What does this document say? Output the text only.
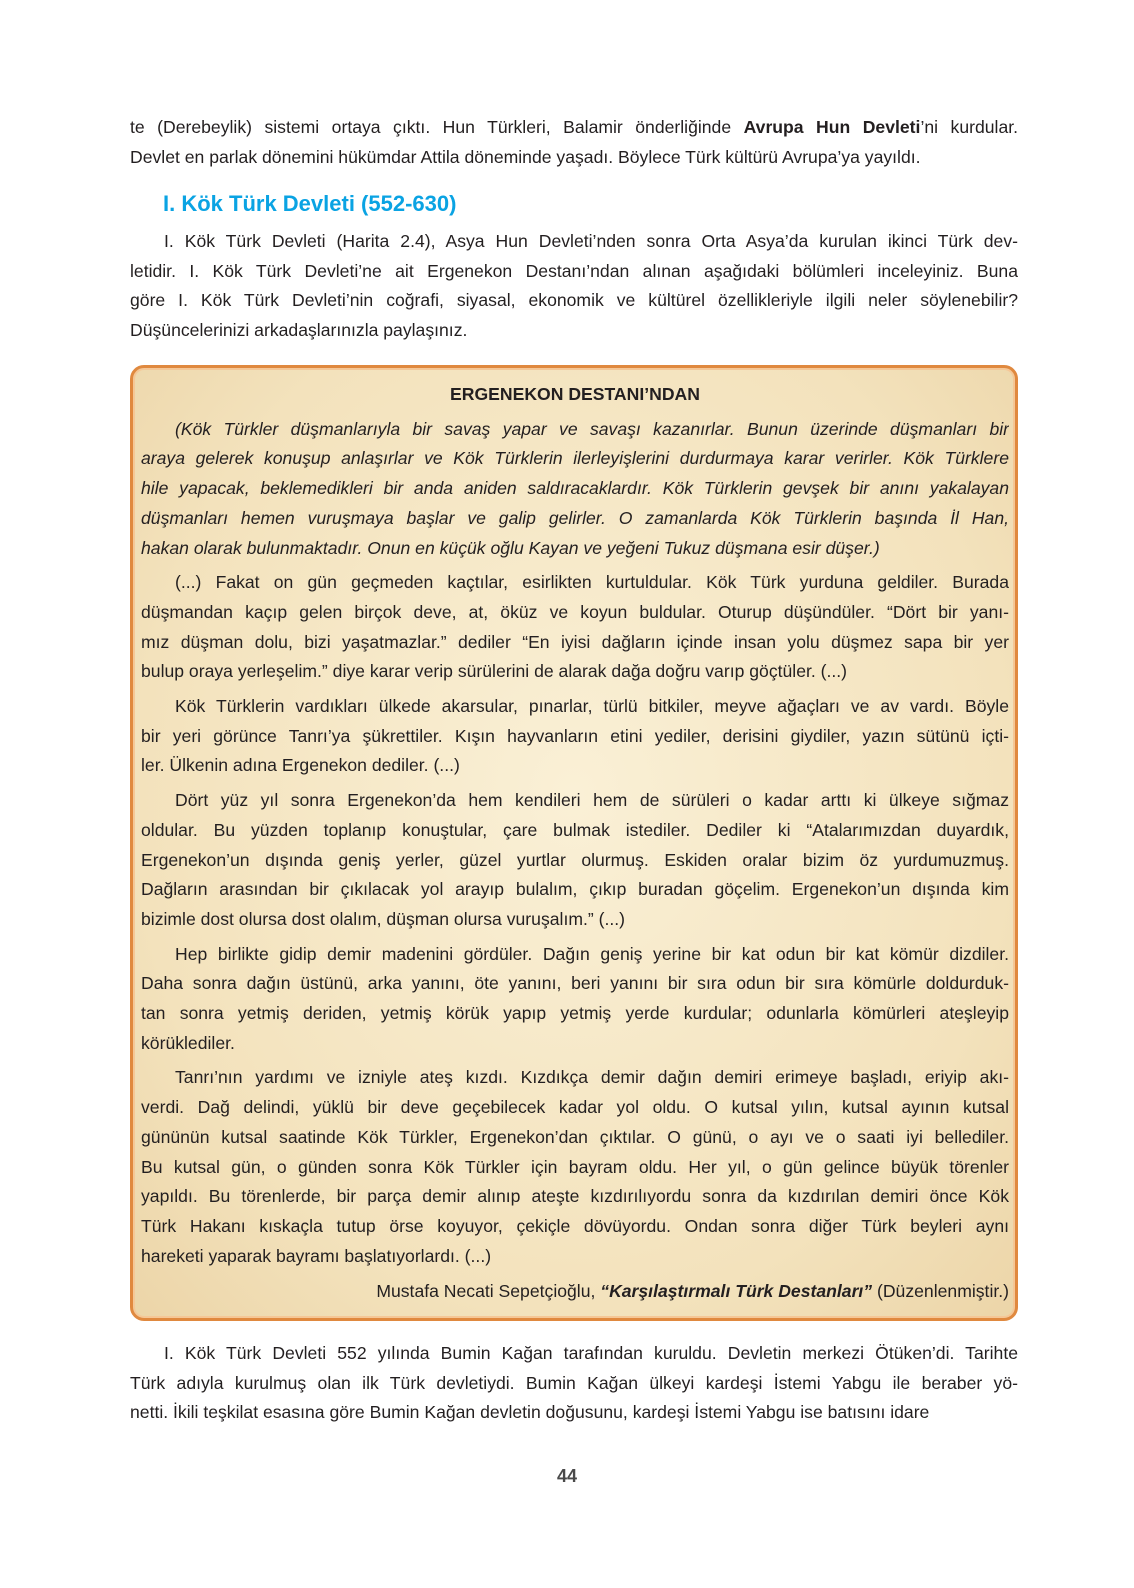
te (Derebeylik) sistemi ortaya çıktı. Hun Türkleri, Balamir önderliğinde Avrupa Hun Devleti’ni kurdular.
Devlet en parlak dönemini hükümdar Attila döneminde yaşadı. Böylece Türk kültürü Avrupa’ya yayıldı.
I. Kök Türk Devleti (552-630)
I. Kök Türk Devleti (Harita 2.4), Asya Hun Devleti’nden sonra Orta Asya’da kurulan ikinci Türk dev-
letidir. I. Kök Türk Devleti’ne ait Ergenekon Destanı’ndan alınan aşağıdaki bölümleri inceleyiniz. Buna
göre I. Kök Türk Devleti’nin coğrafi, siyasal, ekonomik ve kültürel özellikleriyle ilgili neler söylenebilir?
Düşüncelerinizi arkadaşlarınızla paylaşınız.
ERGENEKON DESTANI’NDAN
(Kök Türkler düşmanlarıyla bir savaş yapar ve savaşı kazanırlar. Bunun üzerinde düşmanları bir
araya gelerek konuşup anlaşırlar ve Kök Türklerin ilerleyişlerini durdurmaya karar verirler. Kök Türklere
hile yapacak, beklemedikleri bir anda aniden saldıracaklardır. Kök Türklerin gevşek bir anını yakalayan
düşmanları hemen vuruşmaya başlar ve galip gelirler. O zamanlarda Kök Türklerin başında İl Han,
hakan olarak bulunmaktadır. Onun en küçük oğlu Kayan ve yeğeni Tukuz düşmana esir düşer.)
(...) Fakat on gün geçmeden kaçtılar, esirlikten kurtuldular. Kök Türk yurduna geldiler. Burada
düşmandan kaçıp gelen birçok deve, at, öküz ve koyun buldular. Oturup düşündüler. “Dört bir yanı-
mız düşman dolu, bizi yaşatmazlar.” dediler “En iyisi dağların içinde insan yolu düşmez sapa bir yer
bulup oraya yerleşelim.” diye karar verip sürülerini de alarak dağa doğru varıp göçtüler. (...)
Kök Türklerin vardıkları ülkede akarsular, pınarlar, türlü bitkiler, meyve ağaçları ve av vardı. Böyle
bir yeri görünce Tanrı’ya şükrettiler. Kışın hayvanların etini yediler, derisini giydiler, yazın sütünü içti-
ler. Ülkenin adına Ergenekon dediler. (...)
Dört yüz yıl sonra Ergenekon’da hem kendileri hem de sürüleri o kadar arttı ki ülkeye sığmaz
oldular. Bu yüzden toplanıp konuştular, çare bulmak istediler. Dediler ki “Atalarımızdan duyardık,
Ergenekon’un dışında geniş yerler, güzel yurtlar olurmuş. Eskiden oralar bizim öz yurdumuzmuş.
Dağların arasından bir çıkılacak yol arayıp bulalım, çıkıp buradan göçelim. Ergenekon’un dışında kim
bizimle dost olursa dost olalım, düşman olursa vuruşalım.” (...)
Hep birlikte gidip demir madenini gördüler. Dağın geniş yerine bir kat odun bir kat kömür dizdiler.
Daha sonra dağın üstünü, arka yanını, öte yanını, beri yanını bir sıra odun bir sıra kömürle doldurduk-
tan sonra yetmiş deriden, yetmiş körük yapıp yetmiş yerde kurdular; odunlarla kömürleri ateşleyip
körüklediler.
Tanrı’nın yardımı ve izniyle ateş kızdı. Kızdıkça demir dağın demiri erimeye başladı, eriyip akı-
verdi. Dağ delindi, yüklü bir deve geçebilecek kadar yol oldu. O kutsal yılın, kutsal ayının kutsal
gününün kutsal saatinde Kök Türkler, Ergenekon’dan çıktılar. O günü, o ayı ve o saati iyi bellediler.
Bu kutsal gün, o günden sonra Kök Türkler için bayram oldu. Her yıl, o gün gelince büyük törenler
yapıldı. Bu törenlerde, bir parça demir alınıp ateşte kızdırılıyordu sonra da kızdırılan demiri önce Kök
Türk Hakanı kıskaçla tutup örse koyuyor, çekiçle dövüyordu. Ondan sonra diğer Türk beyleri aynı
hareketi yaparak bayramı başlatıyorlardı. (...)
Mustafa Necati Sepetçioğlu, “Karşılaştırmalı Türk Destanları” (Düzenlenmiştir.)
I. Kök Türk Devleti 552 yılında Bumin Kağan tarafından kuruldu. Devletin merkezi Ötüken’di. Tarihte
Türk adıyla kurulmuş olan ilk Türk devletiydi. Bumin Kağan ülkeyi kardeşi İstemi Yabgu ile beraber yö-
netti. İkili teşkilat esasına göre Bumin Kağan devletin doğusunu, kardeşi İstemi Yabgu ise batısını idare
44
